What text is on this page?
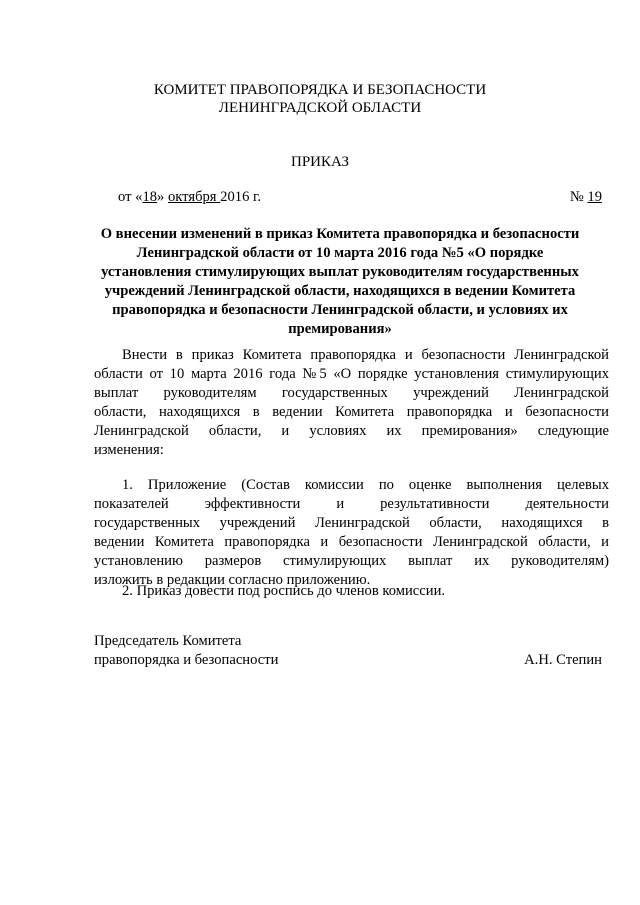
КОМИТЕТ ПРАВОПОРЯДКА И БЕЗОПАСНОСТИ
ЛЕНИНГРАДСКОЙ ОБЛАСТИ
ПРИКАЗ
от «18» октября 2016 г.	№ 19
О внесении изменений в приказ Комитета правопорядка и безопасности
Ленинградской области от 10 марта 2016 года №5 «О порядке
установления стимулирующих выплат руководителям государственных
учреждений Ленинградской области, находящихся в ведении Комитета
правопорядка и безопасности Ленинградской области, и условиях их
премирования»
Внести в приказ Комитета правопорядка и безопасности Ленинградской
области от 10 марта 2016 года №5 «О порядке установления стимулирующих
выплат руководителям государственных учреждений Ленинградской
области, находящихся в ведении Комитета правопорядка и безопасности
Ленинградской области, и условиях их премирования» следующие
изменения:
1. Приложение (Состав комиссии по оценке выполнения целевых
показателей эффективности и результативности деятельности
государственных учреждений Ленинградской области, находящихся в
ведении Комитета правопорядка и безопасности Ленинградской области, и
установлению размеров стимулирующих выплат их руководителям)
изложить в редакции согласно приложению.
2. Приказ довести под роспись до членов комиссии.
Председатель Комитета
правопорядка и безопасности	А.Н. Степин
